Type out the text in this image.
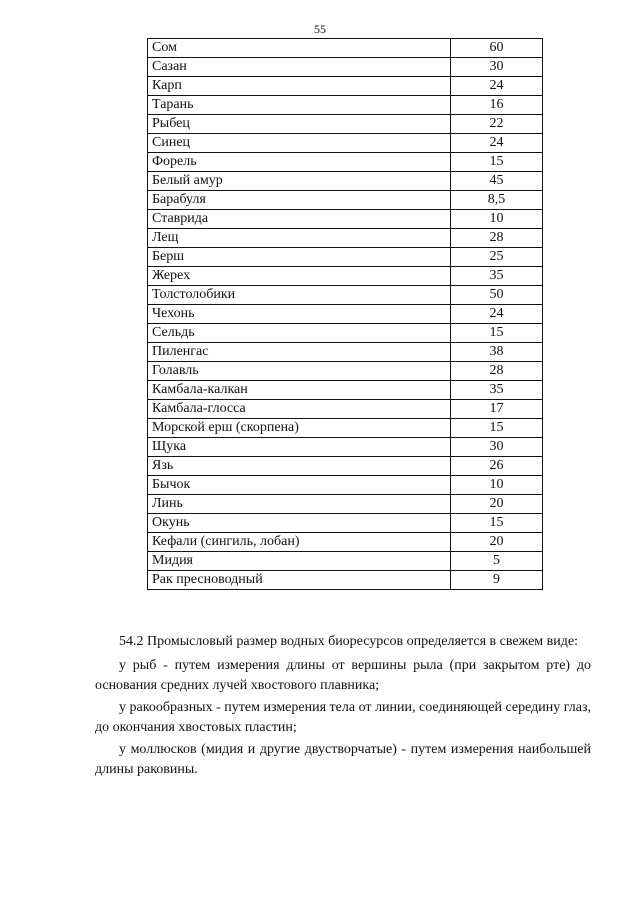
55
Сом	60
Сазан	30
Карп	24
Тарань	16
Рыбец	22
Синец	24
Форель	15
Белый амур	45
Барабуля	8,5
Ставрида	10
Лещ	28
Берш	25
Жерех	35
Толстолобики	50
Чехонь	24
Сельдь	15
Пиленгас	38
Голавль	28
Камбала-калкан	35
Камбала-глосса	17
Морской ерш (скорпена)	15
Щука	30
Язь	26
Бычок	10
Линь	20
Окунь	15
Кефали (сингиль, лобан)	20
Мидия	5
Рак пресноводный	9

54.2 Промысловый размер водных биоресурсов определяется в свежем виде:

у рыб - путем измерения длины от вершины рыла (при закрытом рте) до основания средних лучей хвостового плавника;

у ракообразных - путем измерения тела от линии, соединяющей середину глаз, до окончания хвостовых пластин;

у моллюсков (мидия и другие двустворчатые) - путем измерения наибольшей длины раковины.
